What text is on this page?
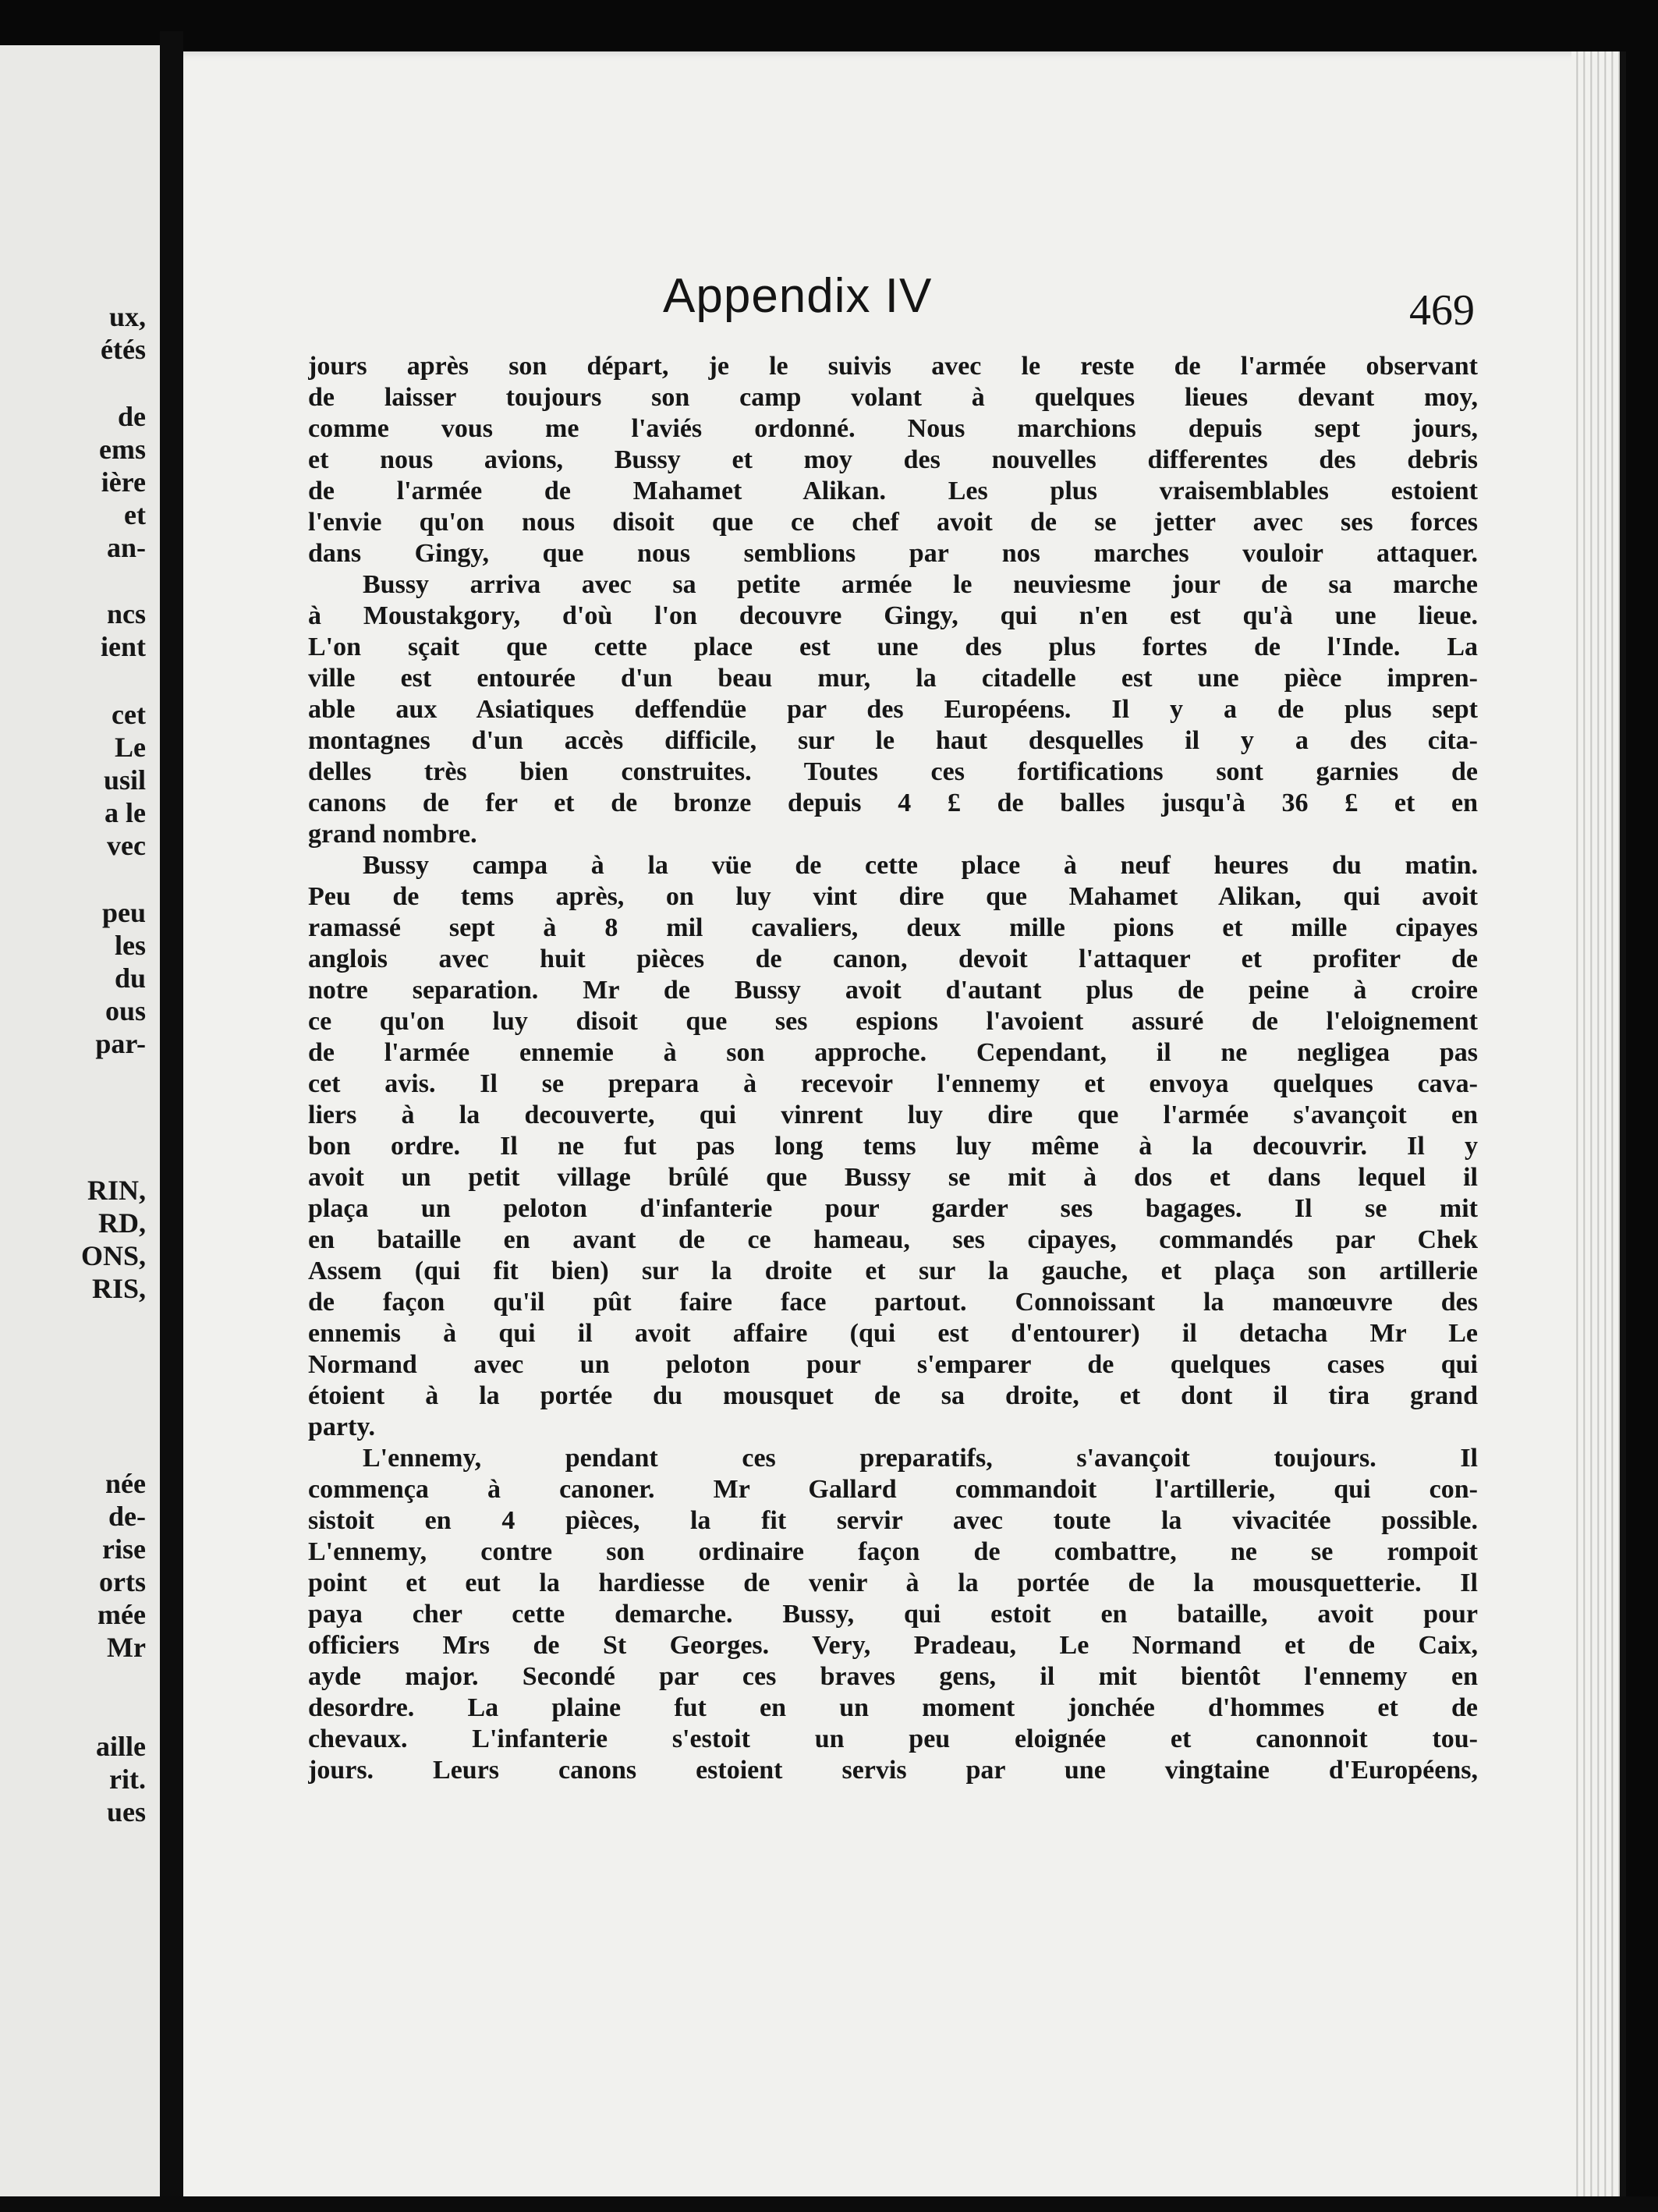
ux,
étés
de
ems
ière
et
an-
ncs
ient
cet
Le
usil
a le
vec
peu
les
du
ous
par-
RIN,
RD,
ONS,
RIS,
née
de-
rise
orts
mée
Mr
aille
rit.
ues
Appendix IV	469
jours après son départ, je le suivis avec le reste de l'armée observant
de laisser toujours son camp volant à quelques lieues devant moy,
comme vous me l'aviés ordonné. Nous marchions depuis sept jours,
et nous avions, Bussy et moy des nouvelles differentes des debris
de l'armée de Mahamet Alikan. Les plus vraisemblables estoient
l'envie qu'on nous disoit que ce chef avoit de se jetter avec ses forces
dans Gingy, que nous semblions par nos marches vouloir attaquer.
Bussy arriva avec sa petite armée le neuviesme jour de sa marche
à Moustakgory, d'où l'on decouvre Gingy, qui n'en est qu'à une lieue.
L'on sçait que cette place est une des plus fortes de l'Inde. La
ville est entourée d'un beau mur, la citadelle est une pièce impren-
able aux Asiatiques deffendüe par des Européens. Il y a de plus sept
montagnes d'un accès difficile, sur le haut desquelles il y a des cita-
delles très bien construites. Toutes ces fortifications sont garnies de
canons de fer et de bronze depuis 4 £ de balles jusqu'à 36 £ et en
grand nombre.
Bussy campa à la vüe de cette place à neuf heures du matin.
Peu de tems après, on luy vint dire que Mahamet Alikan, qui avoit
ramassé sept à 8 mil cavaliers, deux mille pions et mille cipayes
anglois avec huit pièces de canon, devoit l'attaquer et profiter de
notre separation. Mr de Bussy avoit d'autant plus de peine à croire
ce qu'on luy disoit que ses espions l'avoient assuré de l'eloignement
de l'armée ennemie à son approche. Cependant, il ne negligea pas
cet avis. Il se prepara à recevoir l'ennemy et envoya quelques cava-
liers à la decouverte, qui vinrent luy dire que l'armée s'avançoit en
bon ordre. Il ne fut pas long tems luy même à la decouvrir. Il y
avoit un petit village brûlé que Bussy se mit à dos et dans lequel il
plaça un peloton d'infanterie pour garder ses bagages. Il se mit
en bataille en avant de ce hameau, ses cipayes, commandés par Chek
Assem (qui fit bien) sur la droite et sur la gauche, et plaça son artillerie
de façon qu'il pût faire face partout. Connoissant la manœuvre des
ennemis à qui il avoit affaire (qui est d'entourer) il detacha Mr Le
Normand avec un peloton pour s'emparer de quelques cases qui
étoient à la portée du mousquet de sa droite, et dont il tira grand
party.
L'ennemy, pendant ces preparatifs, s'avançoit toujours. Il
commença à canoner. Mr Gallard commandoit l'artillerie, qui con-
sistoit en 4 pièces, la fit servir avec toute la vivacitée possible.
L'ennemy, contre son ordinaire façon de combattre, ne se rompoit
point et eut la hardiesse de venir à la portée de la mousquetterie. Il
paya cher cette demarche. Bussy, qui estoit en bataille, avoit pour
officiers Mrs de St Georges. Very, Pradeau, Le Normand et de Caix,
ayde major. Secondé par ces braves gens, il mit bientôt l'ennemy en
desordre. La plaine fut en un moment jonchée d'hommes et de
chevaux. L'infanterie s'estoit un peu eloignée et canonnoit tou-
jours. Leurs canons estoient servis par une vingtaine d'Européens,
